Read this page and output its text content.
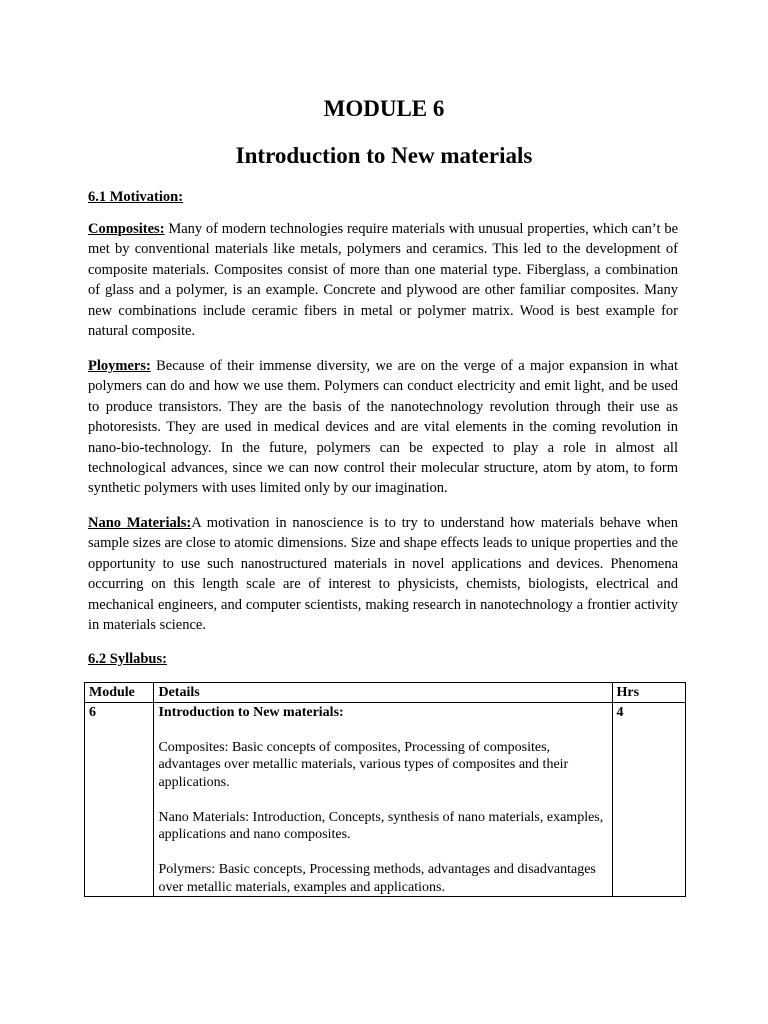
MODULE 6
Introduction to New materials
6.1 Motivation:

Composites: Many of modern technologies require materials with unusual properties, which can’t be met by conventional materials like metals, polymers and ceramics. This led to the development of composite materials. Composites consist of more than one material type. Fiberglass, a combination of glass and a polymer, is an example. Concrete and plywood are other familiar composites. Many new combinations include ceramic fibers in metal or polymer matrix. Wood is best example for natural composite.

Ploymers: Because of their immense diversity, we are on the verge of a major expansion in what polymers can do and how we use them. Polymers can conduct electricity and emit light, and be used to produce transistors. They are the basis of the nanotechnology revolution through their use as photoresists. They are used in medical devices and are vital elements in the coming revolution in nano-bio-technology. In the future, polymers can be expected to play a role in almost all technological advances, since we can now control their molecular structure, atom by atom, to form synthetic polymers with uses limited only by our imagination.

Nano Materials:A motivation in nanoscience is to try to understand how materials behave when sample sizes are close to atomic dimensions. Size and shape effects leads to unique properties and the opportunity to use such nanostructured materials in novel applications and devices. Phenomena occurring on this length scale are of interest to physicists, chemists, biologists, electrical and mechanical engineers, and computer scientists, making research in nanotechnology a frontier activity in materials science.

6.2 Syllabus:
Module	Details	Hrs
6	Introduction to New materials:
Composites: Basic concepts of composites, Processing of composites, advantages over metallic materials, various types of composites and their applications.
Nano Materials: Introduction, Concepts, synthesis of nano materials, examples, applications and nano composites.
Polymers: Basic concepts, Processing methods, advantages and disadvantages over metallic materials, examples and applications.	4
